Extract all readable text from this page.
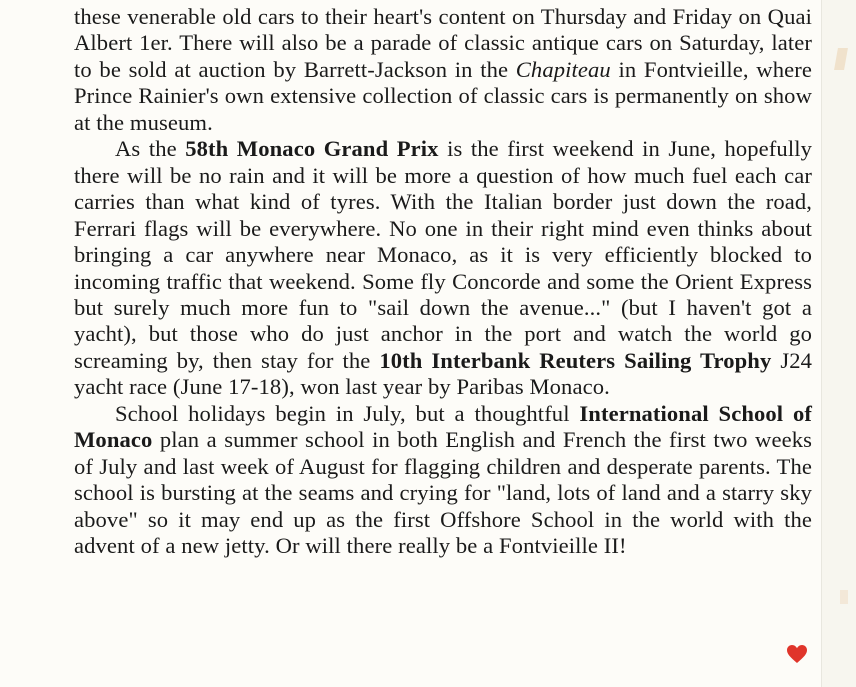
these venerable old cars to their heart's content on Thursday and Friday on Quai Albert 1er. There will also be a parade of classic antique cars on Saturday, later to be sold at auction by Barrett-Jackson in the Chapiteau in Fontvieille, where Prince Rainier's own extensive collection of classic cars is permanently on show at the museum.

As the 58th Monaco Grand Prix is the first weekend in June, hopefully there will be no rain and it will be more a question of how much fuel each car carries than what kind of tyres. With the Italian border just down the road, Ferrari flags will be everywhere. No one in their right mind even thinks about bringing a car anywhere near Monaco, as it is very efficiently blocked to incoming traffic that weekend. Some fly Concorde and some the Orient Express but surely much more fun to "sail down the avenue..." (but I haven't got a yacht), but those who do just anchor in the port and watch the world go screaming by, then stay for the 10th Interbank Reuters Sailing Trophy J24 yacht race (June 17-18), won last year by Paribas Monaco.

School holidays begin in July, but a thoughtful International School of Monaco plan a summer school in both English and French the first two weeks of July and last week of August for flagging children and desperate parents. The school is bursting at the seams and crying for "land, lots of land and a starry sky above" so it may end up as the first Offshore School in the world with the advent of a new jetty. Or will there really be a Fontvieille II!
